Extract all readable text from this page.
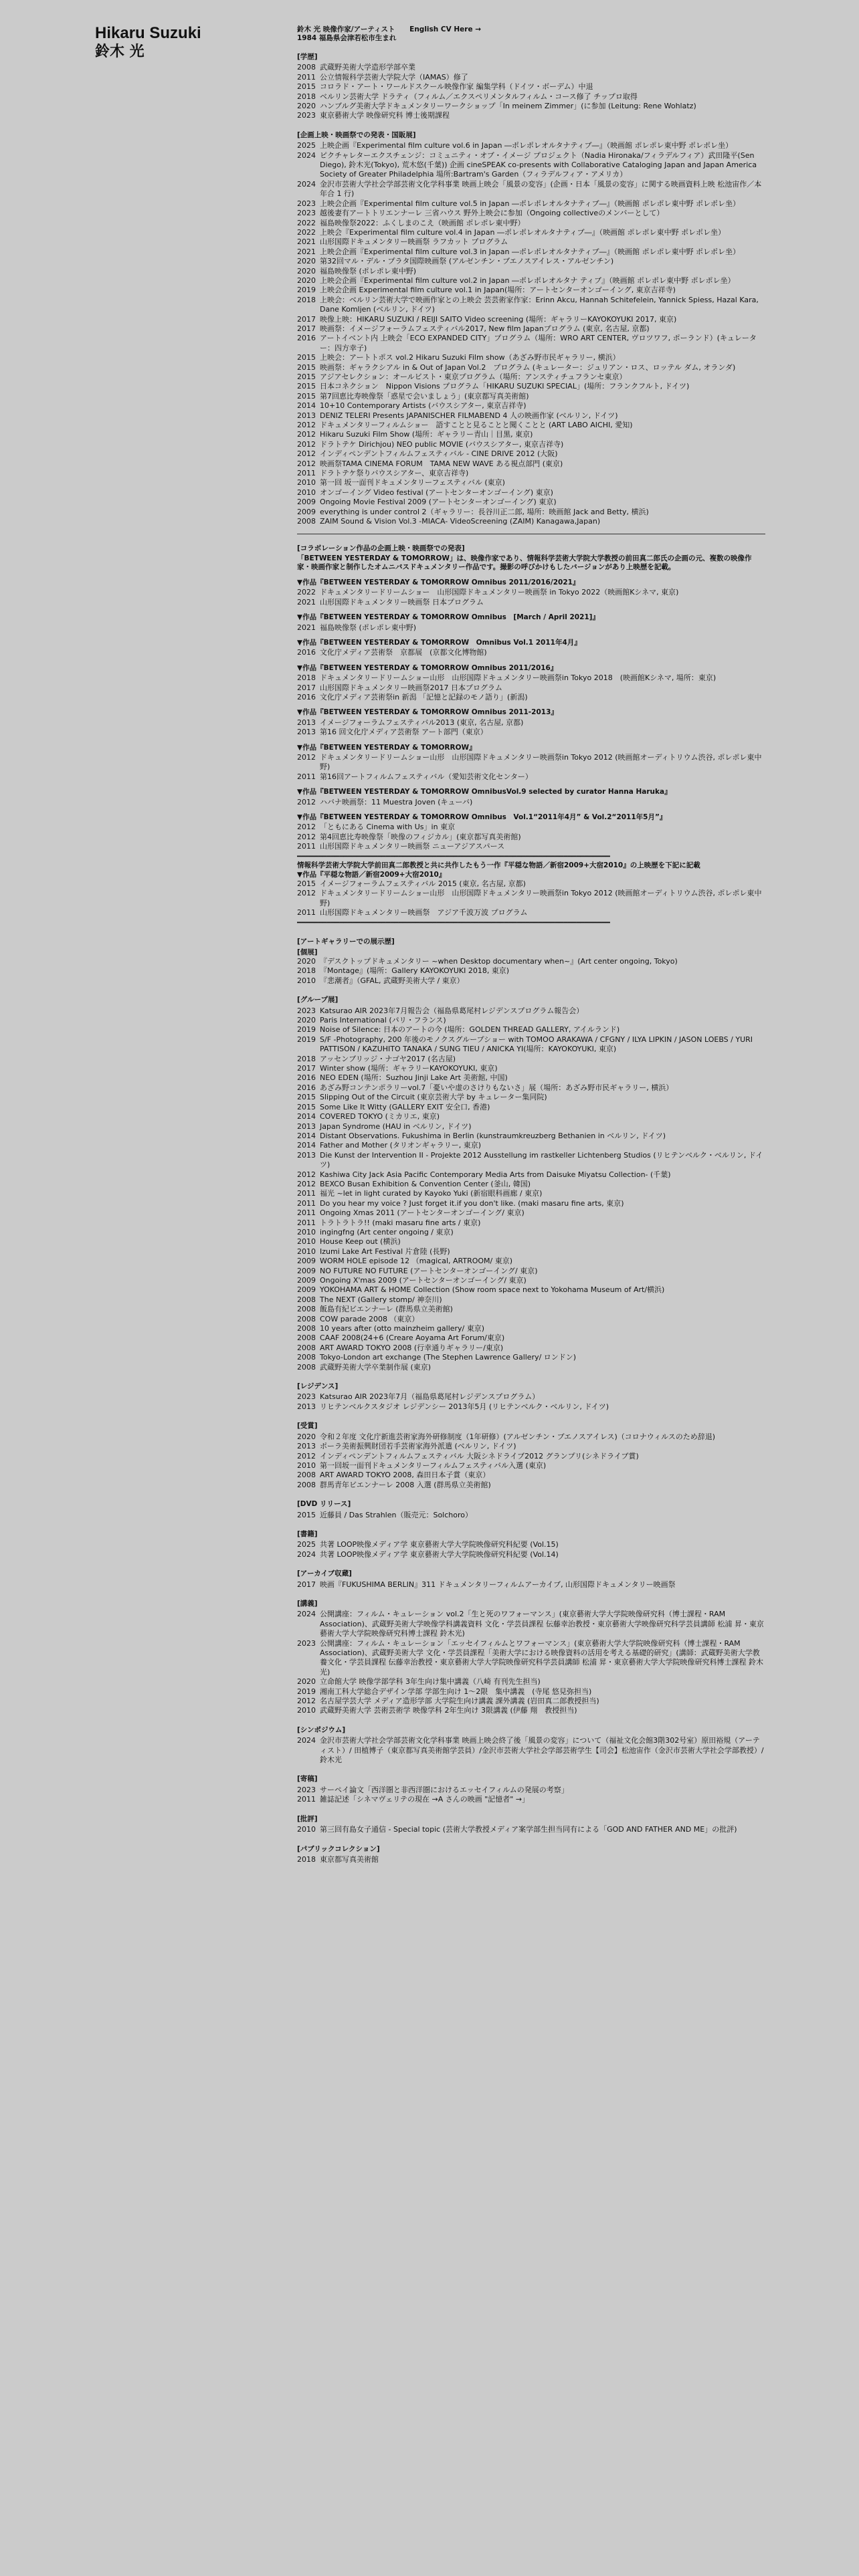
Hikaru Suzuki
鈴木 光
鈴木 光 映像作家/アーティスト English CV Here →
1984 福島県会津若松市生まれ
[学歴]
2008 武蔵野美術大学造形学部卒業
2011 公立情報科学芸術大学院大学（IAMAS）修了
2015 コロラド・アート・ワールドスクール映像作家 編集学科（ドイツ・ボーデム）中退
2018 ベルリン芸術大学 ドラティ（フィルム／エクスペリメンタルフィルム・コース修了 チップロ取得
2020 ハンブルグ美術大学ドキュメンタリーワークショップ「In meinem Zimmer」(に参加 (Leitung: Rene Wohlatz)
2023 東京藝術大学 映像研究科 博士後期課程
[企画上映・映画祭での発表・国販展]
2025 上映企画『Experimental film culture vol.6 in Japan ―ポレポレオルタナティブ―』（映画館 ポレポレ東中野 ポレポレ坐）
2024 ピクチャレターエクスチェンジ：コミュニティ・オブ・イメージ プロジェクト（Nadia Hironaka/フィラデルフィア）武田隆平(Sen Diego), 鈴木光(Tokyo), 荒木悠(千葉)) 企画 cineSPEAK co-presents with Collaborative Cataloging Japan and Japan America Society of Greater Philadelphia 場所:Bartram's Garden（フィラデルフィア・アメリカ）
2024 金沢市芸術大学社会学部芸術文化学科事業 映画上映会「風景の変容」(企画・日本「風景の変容」に関する映画資料上映 松池宙作／本年合 1 行)
2023 上映会企画『Experimental film culture vol.5 in Japan ―ポレポレオルタナティブ―』（映画館 ポレポレ東中野 ポレポレ坐）
2023 越後妻有アートトリエンナーレ 三省ハウス 野外上映会に参加（Ongoing collectiveのメンバーとして）
2022 福島映像祭2022：ふくしまのこえ（映画館 ポレポレ東中野）
2022 上映会『Experimental film culture vol.4 in Japan ―ポレポレオルタナティブ―』（映画館 ポレポレ東中野 ポレポレ坐）
2021 山形国際ドキュメンタリー映画祭 ラフカット プログラム
2021 上映会企画『Experimental film culture vol.3 in Japan ―ポレポレオルタナティブ―』（映画館 ポレポレ東中野 ポレポレ坐）
2020 第32回マル・デル・プラタ国際映画祭 (アルゼンチン・ブエノスアイレス・アルゼンチン)
2020 福島映像祭 (ポレポレ東中野)
2020 上映会企画『Experimental film culture vol.2 in Japan ―ポレポレオルタナ ティブ』（映画館 ポレポレ東中野 ポレポレ坐）
2019 上映会企画 Experimental film culture vol.1 in Japan(場所：アートセンターオンゴーイング, 東京吉祥寺)
2018 上映会：ベルリン芸術大学で映画作家との上映会 芸芸術家作家：Erinn Akcu, Hannah Schitefelein, Yannick Spiess, Hazal Kara, Dane Komljen (ベルリン, ドイツ)
2017 映像上映：HIKARU SUZUKI / REIJI SAITO Video screening (場所：ギャラリーKAYOKOYUKI 2017, 東京)
2017 映画祭：イメージフォーラムフェスティバル2017, New film Japanプログラム (東京, 名古屋, 京都)
2016 アートイベント内 上映会「ECO EXPANDED CITY」プログラム（場所：WRO ART CENTER, ヴロツワフ, ポーランド）(キュレーター：四方幸子)
2015 上映会：アートトポス vol.2 Hikaru Suzuki Film show（あざみ野市民ギャラリー, 横浜）
2015 映画祭：ギャラクシアル in & Out of Japan Vol.2　プログラム (キュレーター：ジュリアン・ロス、ロッテル ダム, オランダ)
2015 アジアセレクション：オールビスト・東京プログラム（場所：アンスティチュフランセ東京）
2015 日本コネクション　Nippon Visions プログラム「HIKARU SUZUKI SPECIAL」(場所：フランクフルト, ドイツ)
2015 第7回恵比寿映像祭「惑星で会いましょう」(東京都写真美術館)
2014 10+10 Contemporary Artists (バウスシアター, 東京吉祥寺)
2013 DENIZ TELERI Presents JAPANISCHER FILMABEND 4 人の映画作家 (ベルリン, ドイツ)
2012 ドキュメンタリーフィルムショー　語すことと見ることと聞くことと (ART LABO AICHI, 愛知)
2012 Hikaru Suzuki Film Show (場所：ギャラリー青山｜目黒, 東京)
2012 ドラトテケ Dirichjou) NEO public MOVIE (バウスシアター, 東京吉祥寺)
2012 インディペンデントフィルムフェスティバル - CINE DRIVE 2012 (大阪)
2012 映画祭TAMA CINEMA FORUM　TAMA NEW WAVE ある視点部門 (東京)
2011 ドラトテケ祭りバウスシアター、東京吉祥寺)
2010 第一回 坂一面刊ドキュメンタリーフェスティバル (東京)
2010 オンゴーイング Video festival (アートセンターオンゴーイング) 東京)
2009 Ongoing Movie Festival 2009 (アートセンターオンゴーイング) 東京)
2009 everything is under control 2（ギャラリー：長谷川正二郎, 場所：映画館 Jack and Betty, 横浜)
2008 ZAIM Sound & Vision Vol.3 -MIACA- VideoScreening (ZAIM) Kanagawa,Japan)
[コラボレーション作品の企画上映・映画祭での発表]
「BETWEEN YESTERDAY & TOMORROW」は、映像作家であり、情報科学芸術大学院大学教授の前田真二郎氏の企画の元、複数の映像作家・映画作家と制作したオムニバスドキュメンタリー作品です。撮影の呼びかけもしたバージョンがあり上映歴を記載。
▼作品『BETWEEN YESTERDAY & TOMORROW Omnibus 2011/2016/2021』
2022 ドキュメンタリードリームショー　山形国際ドキュメンタリー映画祭 in Tokyo 2022（映画館Kシネマ, 東京)
2021 山形国際ドキュメンタリー映画祭 日本プログラム
▼作品『BETWEEN YESTERDAY & TOMORROW Omnibus　[March / April 2021]』
2021 福島映像祭 (ポレポレ東中野)
▼作品『BETWEEN YESTERDAY & TOMORROW　Omnibus Vol.1 2011年4月』
2016 文化庁メディア芸術祭　京都展　(京都文化博物館)
▼作品『BETWEEN YESTERDAY & TOMORROW Omnibus 2011/2016』
2018 ドキュメンタリードリームショー山形　山形国際ドキュメンタリー映画祭in Tokyo 2018　(映画館Kシネマ, 場所：東京)
2017 山形国際ドキュメンタリー映画祭2017 日本プログラム
2016 文化庁メディア芸術祭in 新潟 「記憶と記録のモノ語り」(新潟)
▼作品『BETWEEN YESTERDAY & TOMORROW Omnibus 2011-2013』
2013 イメージフォーラムフェスティバル2013 (東京, 名古屋, 京都)
2013 第16 回文化庁メディア芸術祭 アート部門（東京）
▼作品『BETWEEN YESTERDAY & TOMORROW』
2012 ドキュメンタリードリームショー山形　山形国際ドキュメンタリー映画祭in Tokyo 2012 (映画館オーディトリウム渋谷, ポレポレ東中野)
2011 第16回アートフィルムフェスティバル（愛知芸術文化センター）
▼作品『BETWEEN YESTERDAY & TOMORROW OmnibusVol.9 selected by curator Hanna Haruka』
2012 ハバナ映画祭：11 Muestra Joven (キューバ)
▼作品『BETWEEN YESTERDAY & TOMORROW Omnibus　Vol.1“2011年4月” & Vol.2“2011年5月”』
2012 「ともにある Cinema with Us」in 東京
2012 第4回恵比寿映像祭「映像のフィジカル」(東京都写真美術館)
2011 山形国際ドキュメンタリー映画祭 ニューアジアスパース
━━━━━━━━━━━━━━━━━━━━━━━━━━━━━━━━━━━━━━━━━━━━━━━━━━━━━━━━━━━━━━━━━━━━━━━━━━
情報科学芸術大学院大学前田真二郎教授と共に共作したもう一作『平穏な物語／新宿2009+大宿2010』の上映歴を下記に記載
▼作品『平穏な物語／新宿2009+大宿2010』
2015 イメージフォーラムフェスティバル 2015 (東京, 名古屋, 京都)
2012 ドキュメンタリードリームショー山形　山形国際ドキュメンタリー映画祭in Tokyo 2012 (映画館オーディトリウム渋谷, ポレポレ東中野)
2011 山形国際ドキュメンタリー映画祭　アジア千波万波 プログラム
━━━━━━━━━━━━━━━━━━━━━━━━━━━━━━━━━━━━━━━━━━━━━━━━━━━━━━━━━━━━━━━━━━━━━━━━━━
[アートギャラリーでの展示歴]
[個展]
2020 『デスクトップドキュメンタリー ~when Desktop documentary when~』(Art center ongoing, Tokyo)
2018 『Montage』(場所：Gallery KAYOKOYUKI 2018, 東京)
2010 『悲潮者』（GFAL, 武蔵野美術大学 / 東京）
[グループ展]
2023 Katsurao AIR 2023年7月報告会（福島県葛尾村レジデンスプログラム報告会）
2020 Paris International (パリ・フランス)
2019 Noise of Silence: 日本のアートの今 (場所：GOLDEN THREAD GALLERY, アイルランド)
2019 S/F -Photography, 200 年後のモノクスグループショー with TOMOO ARAKAWA / CFGNY / ILYA LIPKIN / JASON LOEBS / YURI PATTISON / KAZUHITO TANAKA / SUNG TIEU / ANICKA YI(場所：KAYOKOYUKI, 東京)
2018 アッセンブリッジ・ナゴヤ2017 (名古屋)
2017 Winter show (場所：ギャラリーKAYOKOYUKI, 東京)
2016 NEO EDEN (場所：Suzhou Jinji Lake Art 美術館, 中国)
2016 あざみ野コンテンポラリーvol.7「憂いや虚のさけりもないさ」展（場所：あざみ野市民ギャラリー, 横浜）
2015 Slipping Out of the Circuit (東京芸術大学 by キュレーター集同院)
2015 Some Like It Witty (GALLERY EXIT 安全口, 香港)
2014 COVERED TOKYO (ミカリエ, 東京)
2013 Japan Syndrome (HAU in ベルリン, ドイツ)
2014 Distant Observations. Fukushima in Berlin (kunstraumkreuzberg Bethanien in ベルリン, ドイツ)
2014 Father and Mother (タリオンギャラリー, 東京)
2013 Die Kunst der Intervention II - Projekte 2012 Ausstellung im rastkeller Lichtenberg Studios (リヒテンベルク・ベルリン, ドイツ)
2012 Kashiwa City Jack Asia Pacific Contemporary Media Arts from Daisuke Miyatsu Collection- (千葉)
2012 BEXCO Busan Exhibition & Convention Center (釜山, 韓国)
2011 福光 ~let in light curated by Kayoko Yuki (新宿眼科画廊 / 東京)
2011 Do you hear my voice ? Just forget it.if you don't like. (maki masaru fine arts, 東京)
2011 Ongoing Xmas 2011 (アートセンターオンゴーイング/ 東京)
2011 トラトラトラ!! (maki masaru fine arts / 東京)
2010 ingingfng (Art center ongoing / 東京)
2010 House Keep out (横浜)
2010 Izumi Lake Art Festival 片倉陸 (長野)
2009 WORM HOLE episode 12 （magical, ARTROOM/ 東京)
2009 NO FUTURE NO FUTURE (アートセンターオンゴーイング/ 東京)
2009 Ongoing X'mas 2009 (アートセンターオンゴーイング/ 東京)
2009 YOKOHAMA ART & HOME Collection (Show room space next to Yokohama Museum of Art/横浜)
2008 The NEXT (Gallery stomp/ 神奈川)
2008 飯島有紀ビエンナーレ (群馬県立美術館)
2008 COW parade 2008 （東京）
2008 10 years after (otto mainzheim gallery/ 東京)
2008 CAAF 2008(24+6 (Creare Aoyama Art Forum/東京)
2008 ART AWARD TOKYO 2008 (行幸通りギャラリー/東京)
2008 Tokyo-London art exchange (The Stephen Lawrence Gallery/ ロンドン)
2008 武蔵野美術大学卒業制作展 (東京)
[レジデンス]
2023 Katsurao AIR 2023年7月（福島県葛尾村レジデンスプログラム）
2013 リヒテンベルクスタジオ レジデンシー 2013年5月 (リヒテンベルク・ベルリン, ドイツ)
[受賞]
2020 令和２年度 文化庁新進芸術家海外研修制度（1年研修）(アルゼンチン・ブエノスアイレス)（コロナウィルスのため辞退)
2013 ポーラ美術振興財団若手芸術家海外派遣 (ベルリン, ドイツ)
2012 インディペンデントフィルムフェスティバル 大阪シネドライブ2012 グランプリ(シネドライブ賞)
2010 第一回坂一面刊ドキュメンタリーフィルムフェスティバル入選 (東京)
2008 ART AWARD TOKYO 2008, 森田日本子賞（東京）
2008 群馬青年ビエンナーレ 2008 入選 (群馬県立美術館)
[DVD リリース]
2015 近藤員 / Das Strahlen（販売元：Solchoro）
[書籍]
2025 共著 LOOP映像メディア学 東京藝術大学大学院映像研究科紀要 (Vol.15)
2024 共著 LOOP映像メディア学 東京藝術大学大学院映像研究科紀要 (Vol.14)
[アーカイブ収蔵]
2017 映画『FUKUSHIMA BERLIN』311 ドキュメンタリーフィルムアーカイブ, 山形国際ドキュメンタリー映画祭
[講義]
2024 公開講座：フィルム・キュレーション vol.2「生と死のワフォーマンス」(東京藝術大学大学院映像研究科（博士課程・RAM Association)、武蔵野美術大学映像学科講義資料 文化・学芸員課程 伝藤幸治教授・東京藝術大学映像研究科学芸員講師 松浦 昇・東京藝術大学大学院映像研究科博士課程 鈴木光)
2023 公開講座：フィルム・キュレーション「エッセイフィルムとワフォーマンス」(東京藝術大学大学院映像研究科（博士課程・RAM Association)、武蔵野美術大学 文化・学芸員課程「美術大学における映像資料の活用を考える基礎的研究」(講師：武蔵野美術大学教養文化・学芸員課程 伝藤幸治教授・東京藝術大学大学院映像研究科学芸員講師 松浦 昇・東京藝術大学大学院映像研究科博士課程 鈴木光)
2020 立命館大学 映像学部学科 3年生向け集中講義（八崎 有刊先生担当)
2019 湘南工科大学総合デザイン学部 学部生向け 1〜2限　集中講義　(寺尾 悠見弥担当)
2012 名古屋学芸大学 メディア造形学部 大学院生向け講義 課外講義 (岩田真二郎教授担当)
2010 武蔵野美術大学 芸術芸術学 映像学科 2年生向け 3限講義 (伊藤 翔　教授担当)
[シンポジウム]
2024 金沢市芸術大学社会学部芸術文化学科事業 映画上映会終了後「風景の変容」について（福祉文化会館3階302号室）原田裕規（アーティスト）/ 田植博子（東京都写真美術館学芸員）/金沢市芸術大学社会学部芸術学生【司会】松池宙作（金沢市芸術大学社会学部教授）/ 鈴木光
[寄稿]
2023 サーペイ論文「西洋圏と非西洋圏におけるエッセイフィルムの発展の考察」
2011 雑誌記述「シネマヴェリテの現在 →A さんの映画 "記憶者" →」
[批評]
2010 第三回有島女子通信 - Special topic (芸術大学教授メディア案学部生担当同有による「GOD AND FATHER AND ME」の批評)
[パブリックコレクション]
2018 東京都写真美術館
